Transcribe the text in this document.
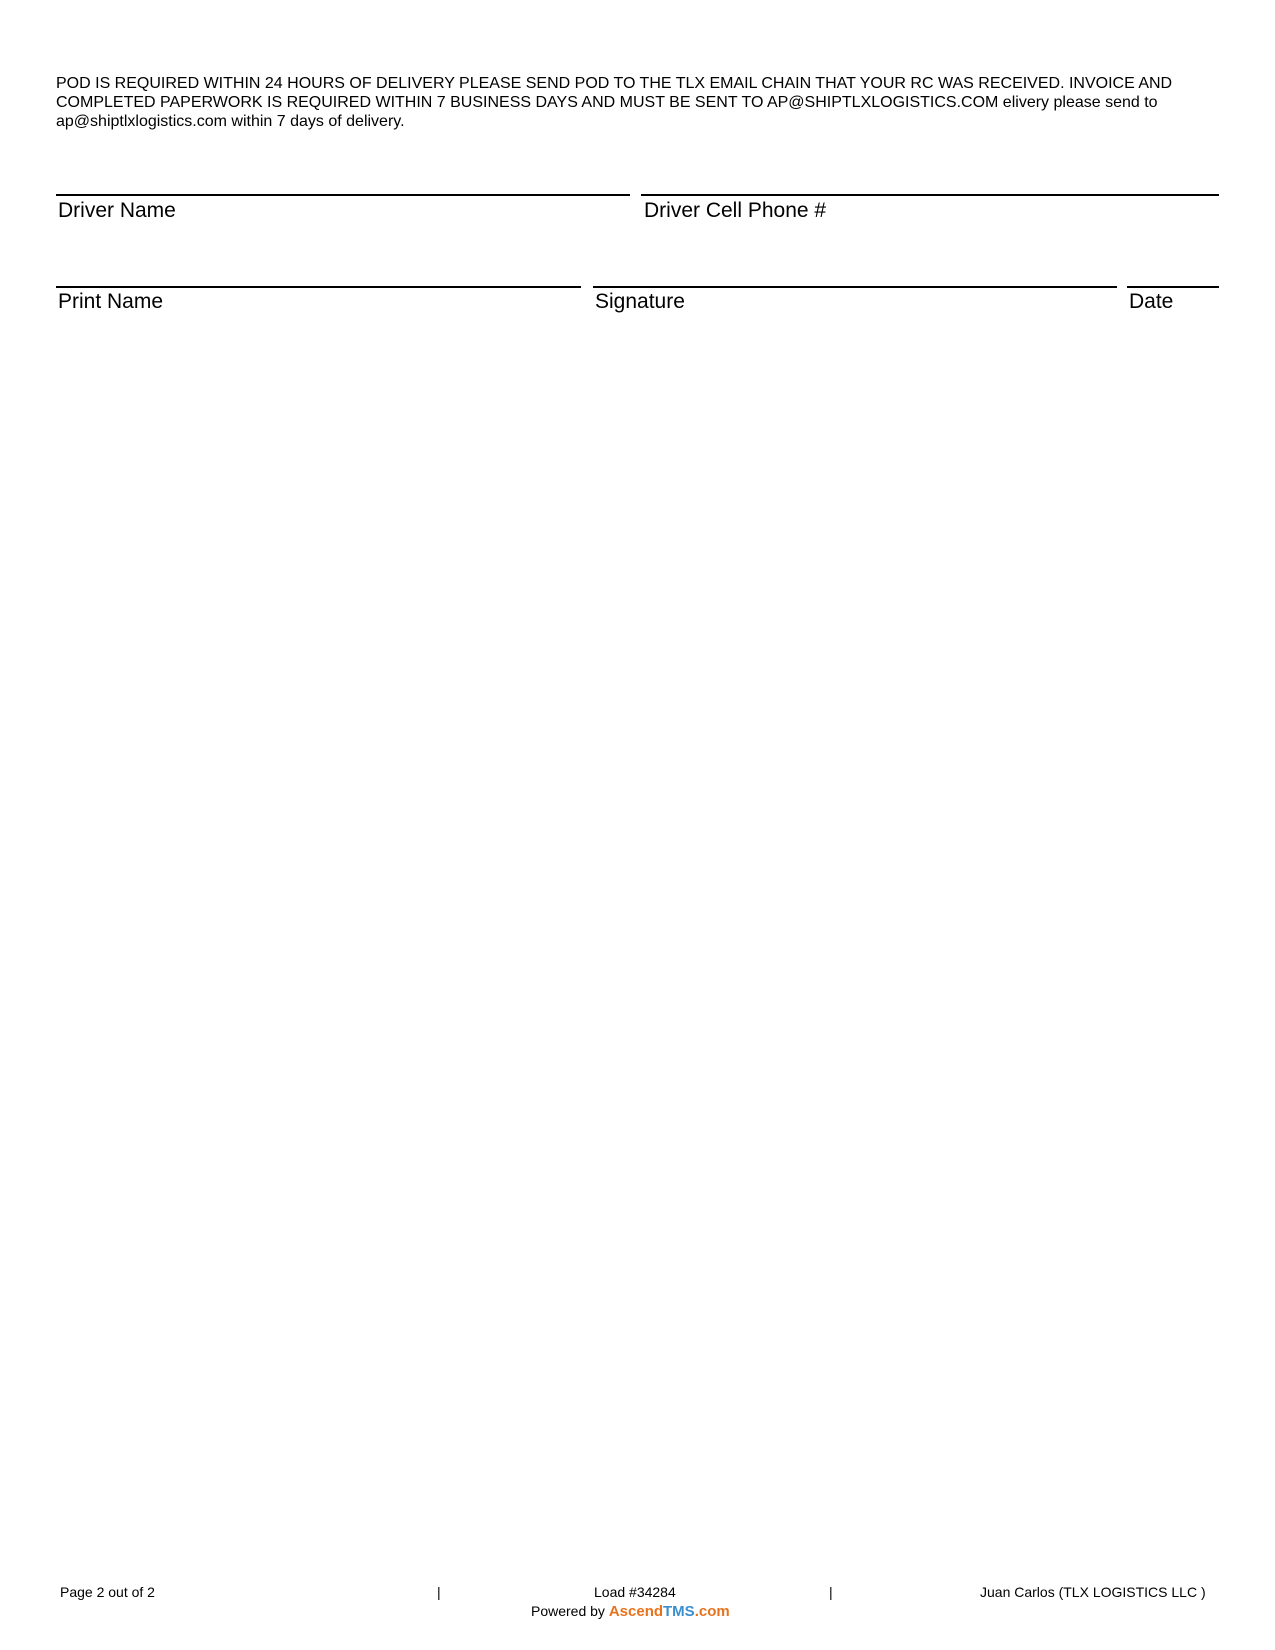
POD IS REQUIRED WITHIN 24 HOURS OF DELIVERY PLEASE SEND POD TO THE TLX EMAIL CHAIN THAT YOUR RC WAS RECEIVED. INVOICE AND COMPLETED PAPERWORK IS REQUIRED WITHIN 7 BUSINESS DAYS AND MUST BE SENT TO AP@SHIPTLXLOGISTICS.COM elivery please send to ap@shiptlxlogistics.com within 7 days of delivery.

Driver Name	Driver Cell Phone #
Print Name	Signature	Date
Page 2 out of 2	|	Load #34284	|	Juan Carlos (TLX LOGISTICS LLC )
Powered by AscendTMS.com
